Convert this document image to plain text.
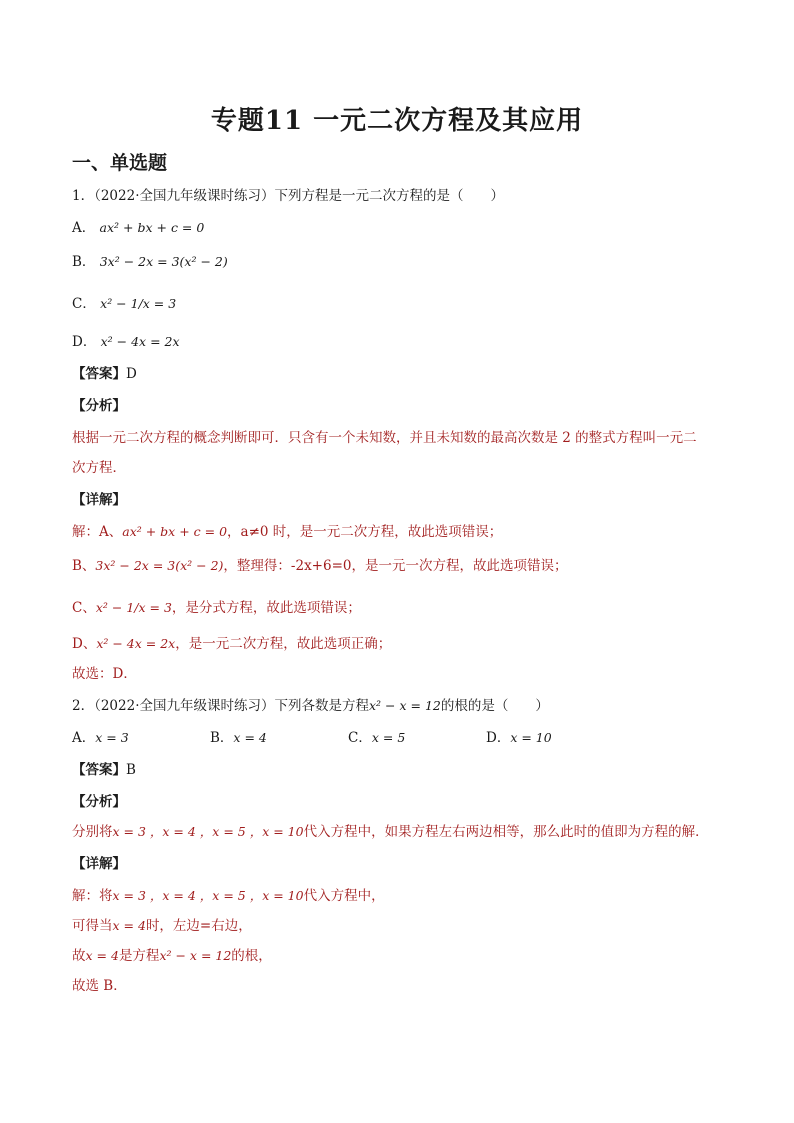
专题11 一元二次方程及其应用
一、单选题
1．（2022·全国九年级课时练习）下列方程是一元二次方程的是（　　）
A． ax² + bx + c = 0
B． 3x² − 2x = 3(x² − 2)
C． x² − 1/x = 3
D． x² − 4x = 2x
【答案】D
【分析】
根据一元二次方程的概念判断即可．只含有一个未知数，并且未知数的最高次数是 2 的整式方程叫一元二
次方程．
【详解】
解：A、ax² + bx + c = 0，a≠0 时，是一元二次方程，故此选项错误；
B、3x² − 2x = 3(x² − 2)，整理得：-2x+6=0，是一元一次方程，故此选项错误；
C、x² − 1/x = 3，是分式方程，故此选项错误；
D、x² − 4x = 2x，是一元二次方程，故此选项正确；
故选：D．
2．（2022·全国九年级课时练习）下列各数是方程x² − x = 12的根的是（　　）
A．x = 3	B．x = 4	C．x = 5	D．x = 10
【答案】B
【分析】
分别将x = 3 ，x = 4 ，x = 5 ，x = 10代入方程中，如果方程左右两边相等，那么此时的值即为方程的解．
【详解】
解：将x = 3 ，x = 4 ，x = 5 ，x = 10代入方程中，
可得当x = 4时，左边=右边，
故x = 4是方程x² − x = 12的根，
故选 B．
